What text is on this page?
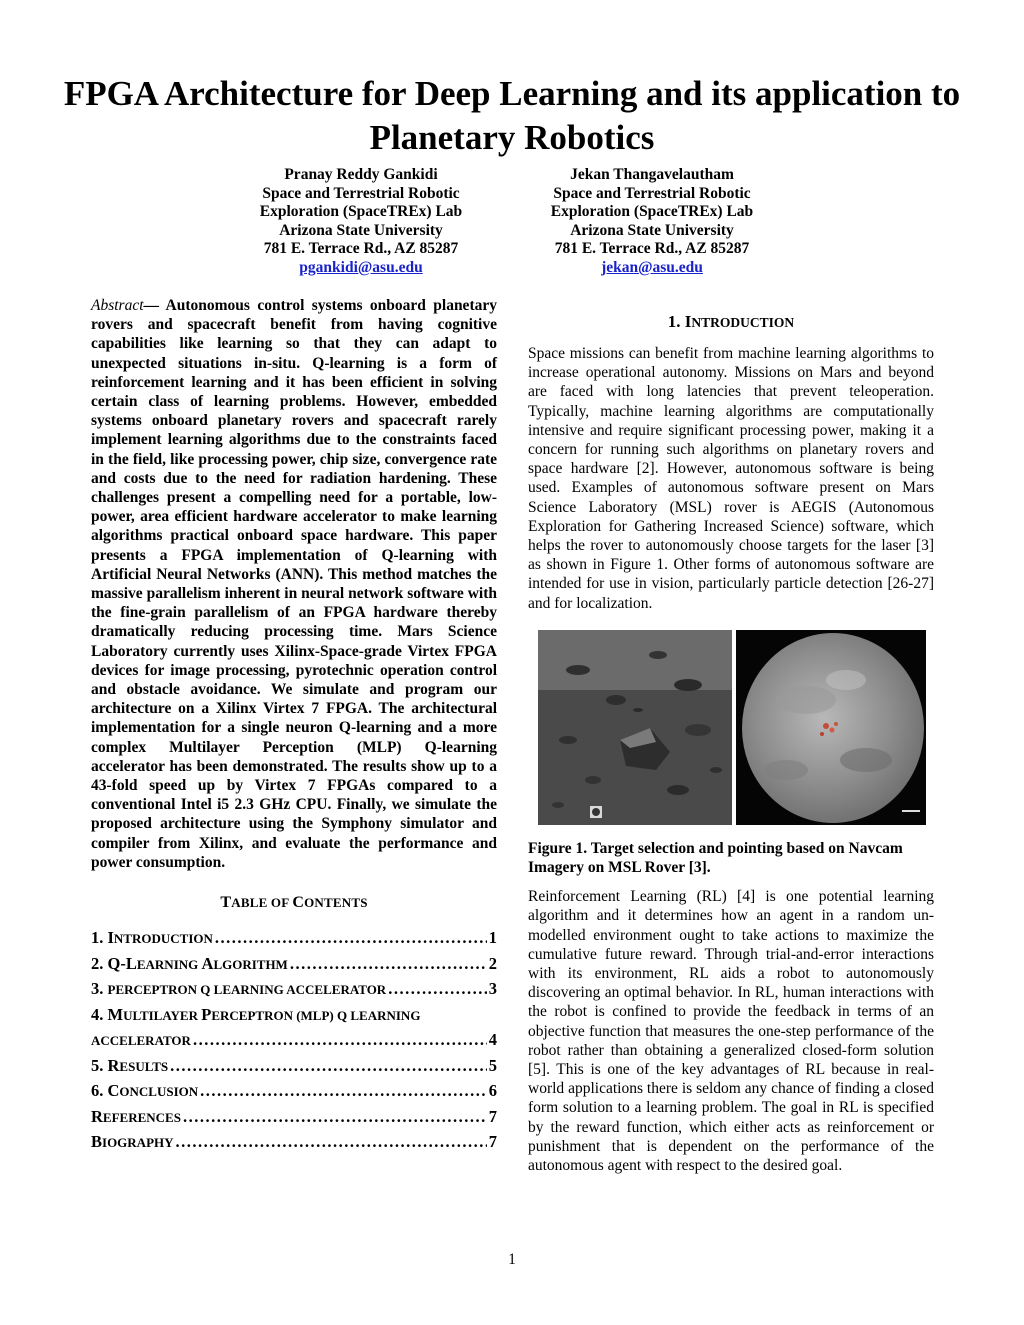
FPGA Architecture for Deep Learning and its application to Planetary Robotics
Pranay Reddy Gankidi
Space and Terrestrial Robotic
Exploration (SpaceTREx) Lab
Arizona State University
781 E. Terrace Rd., AZ 85287
pgankidi@asu.edu
Jekan Thangavelautham
Space and Terrestrial Robotic
Exploration (SpaceTREx) Lab
Arizona State University
781 E. Terrace Rd., AZ 85287
jekan@asu.edu

Abstract— Autonomous control systems onboard planetary rovers and spacecraft benefit from having cognitive capabilities like learning so that they can adapt to unexpected situations in-situ. Q-learning is a form of reinforcement learning and it has been efficient in solving certain class of learning problems. However, embedded systems onboard planetary rovers and spacecraft rarely implement learning algorithms due to the constraints faced in the field, like processing power, chip size, convergence rate and costs due to the need for radiation hardening. These challenges present a compelling need for a portable, low-power, area efficient hardware accelerator to make learning algorithms practical onboard space hardware. This paper presents a FPGA implementation of Q-learning with Artificial Neural Networks (ANN). This method matches the massive parallelism inherent in neural network software with the fine-grain parallelism of an FPGA hardware thereby dramatically reducing processing time. Mars Science Laboratory currently uses Xilinx-Space-grade Virtex FPGA devices for image processing, pyrotechnic operation control and obstacle avoidance. We simulate and program our architecture on a Xilinx Virtex 7 FPGA. The architectural implementation for a single neuron Q-learning and a more complex Multilayer Perception (MLP) Q-learning accelerator has been demonstrated. The results show up to a 43-fold speed up by Virtex 7 FPGAs compared to a conventional Intel i5 2.3 GHz CPU. Finally, we simulate the proposed architecture using the Symphony simulator and compiler from Xilinx, and evaluate the performance and power consumption.

TABLE OF CONTENTS
1. INTRODUCTION .....	1
2. Q-LEARNING ALGORITHM .....	2
3. PERCEPTRON Q LEARNING ACCELERATOR .....	3
4. MULTILAYER PERCEPTRON (MLP) Q LEARNING
ACCELERATOR .....	4
5. RESULTS .....	5
6. CONCLUSION .....	6
REFERENCES .....	7
BIOGRAPHY .....	7
1. INTRODUCTION

Space missions can benefit from machine learning algorithms to increase operational autonomy. Missions on Mars and beyond are faced with long latencies that prevent teleoperation. Typically, machine learning algorithms are computationally intensive and require significant processing power, making it a concern for running such algorithms on planetary rovers and space hardware [2]. However, autonomous software is being used. Examples of autonomous software present on Mars Science Laboratory (MSL) rover is AEGIS (Autonomous Exploration for Gathering Increased Science) software, which helps the rover to autonomously choose targets for the laser [3] as shown in Figure 1. Other forms of autonomous software are intended for use in vision, particularly particle detection [26-27] and for localization.

Figure 1. Target selection and pointing based on Navcam Imagery on MSL Rover [3].

Reinforcement Learning (RL) [4] is one potential learning algorithm and it determines how an agent in a random un-modelled environment ought to take actions to maximize the cumulative future reward. Through trial-and-error interactions with its environment, RL aids a robot to autonomously discovering an optimal behavior. In RL, human interactions with the robot is confined to provide the feedback in terms of an objective function that measures the one-step performance of the robot rather than obtaining a generalized closed-form solution [5]. This is one of the key advantages of RL because in real-world applications there is seldom any chance of finding a closed form solution to a learning problem. The goal in RL is specified by the reward function, which either acts as reinforcement or punishment that is dependent on the performance of the autonomous agent with respect to the desired goal.

1
